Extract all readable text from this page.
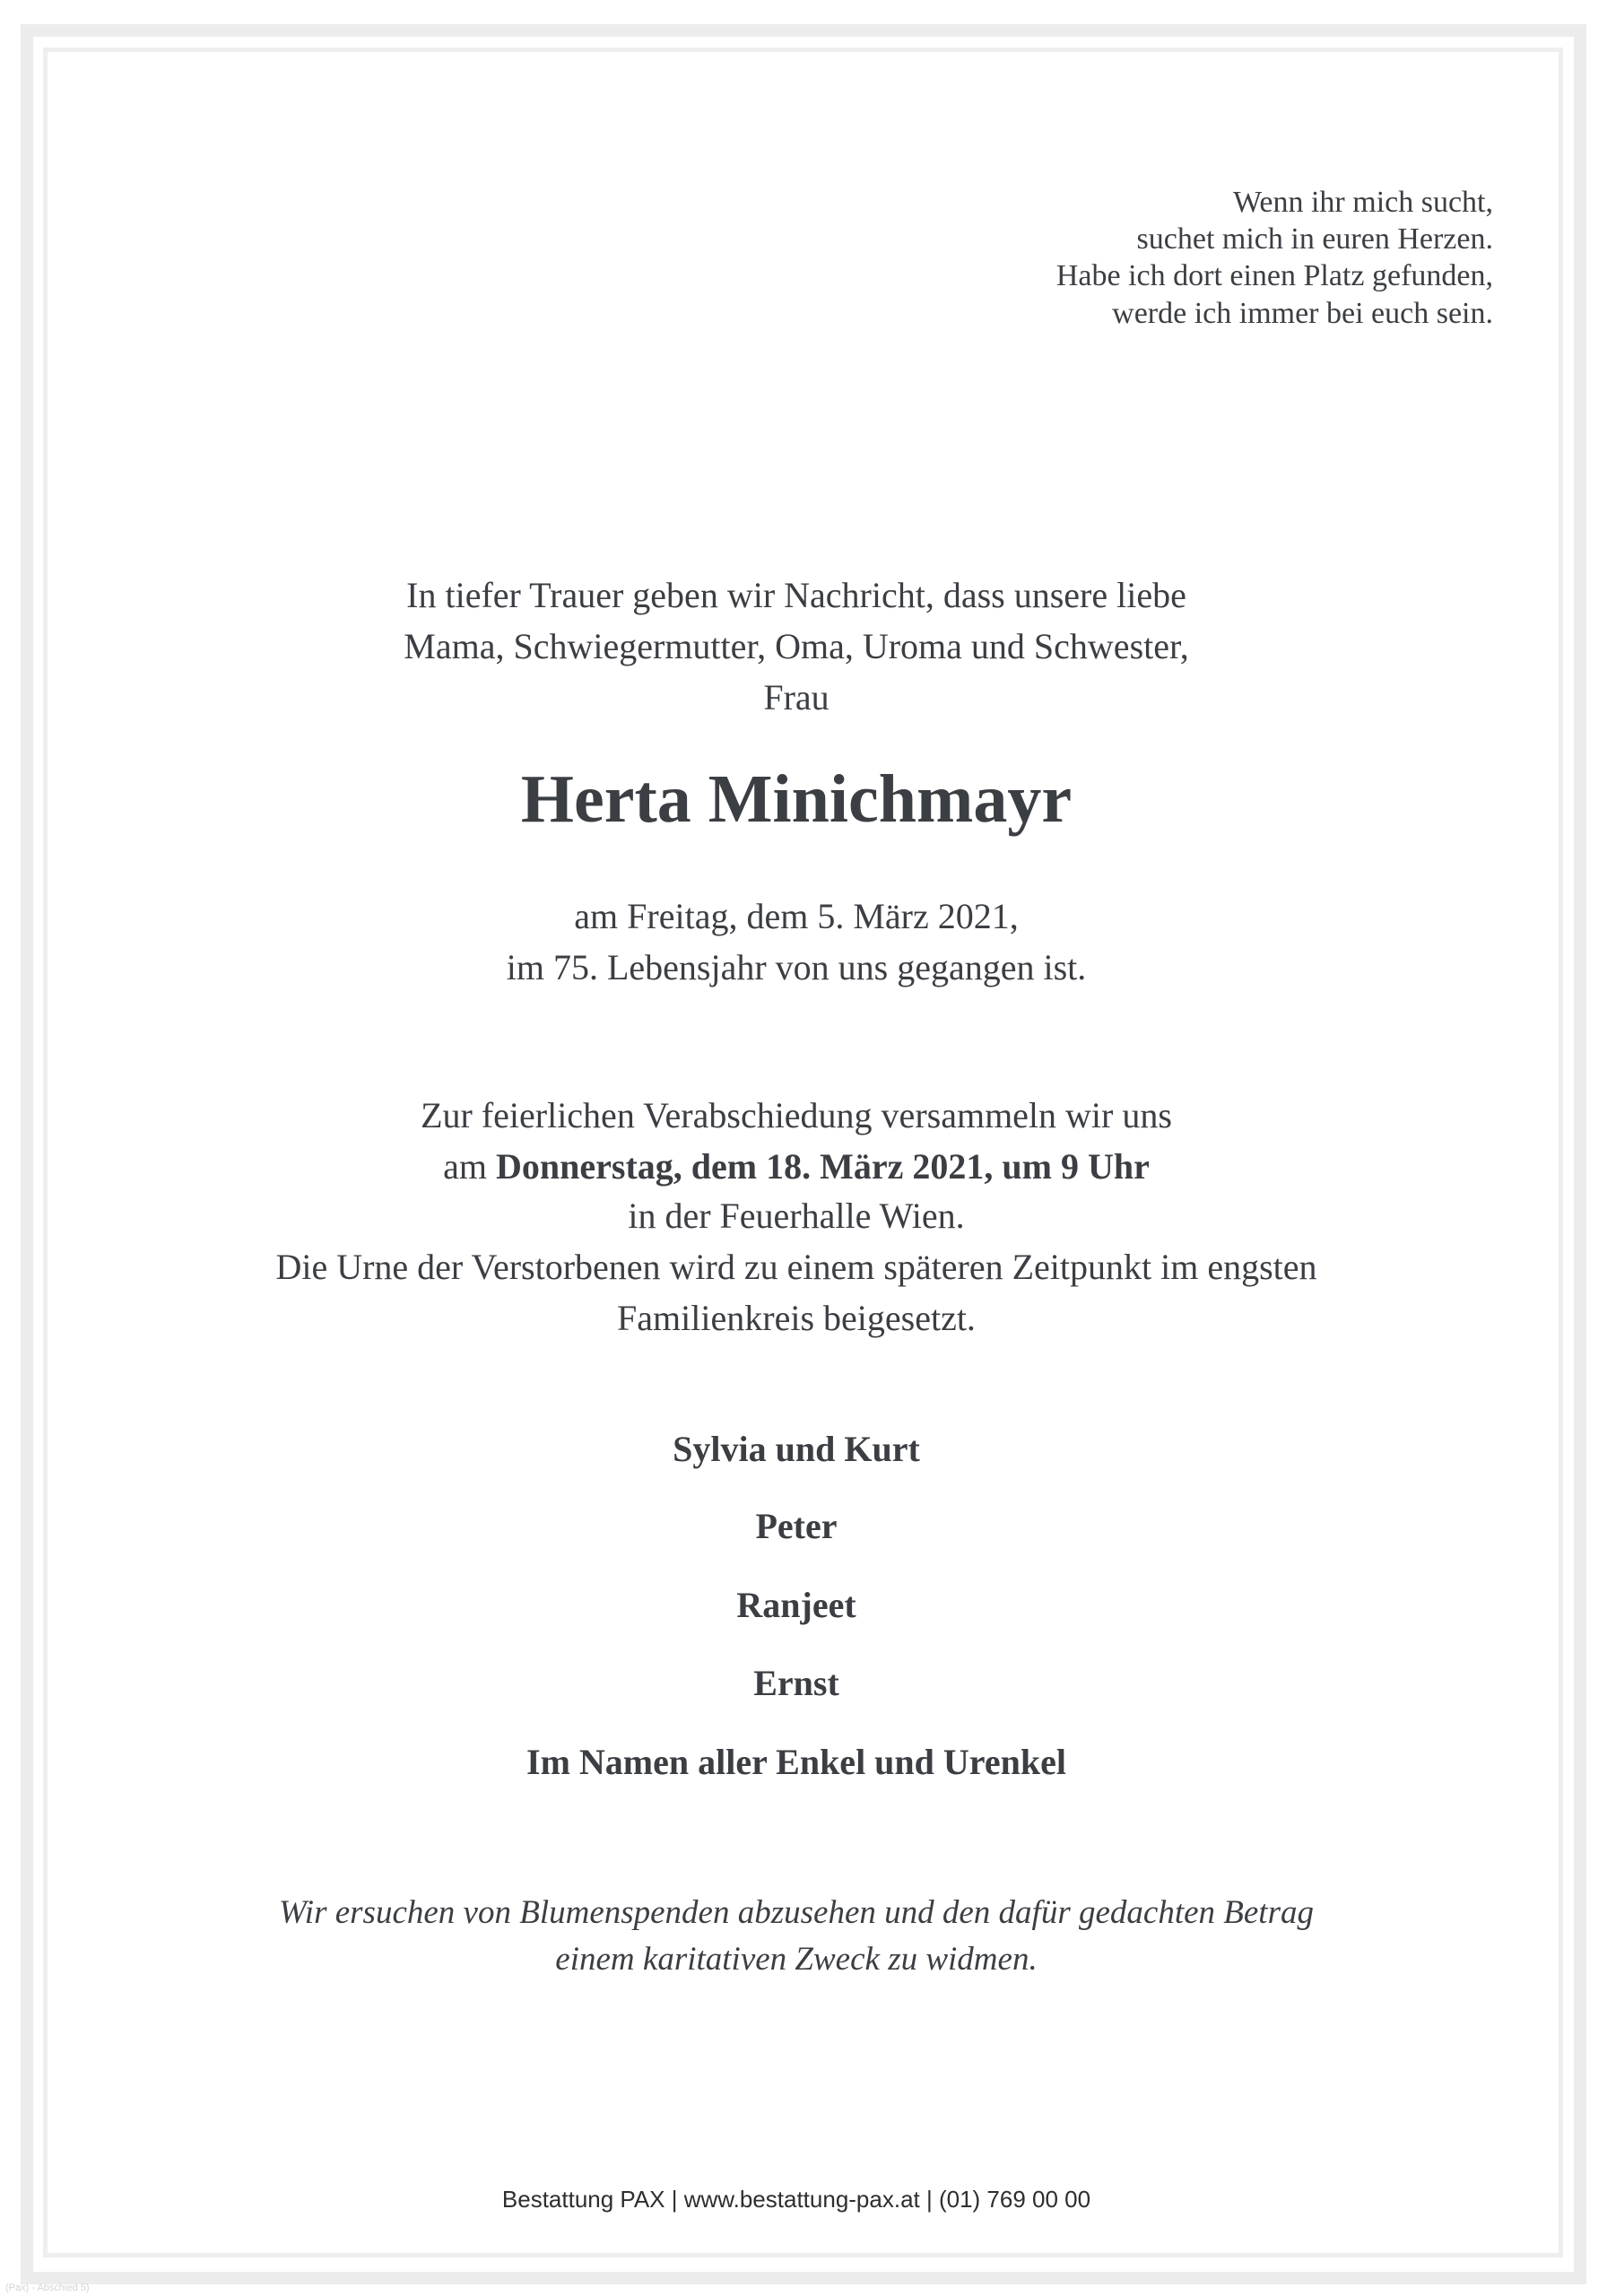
Wenn ihr mich sucht,
suchet mich in euren Herzen.
Habe ich dort einen Platz gefunden,
werde ich immer bei euch sein.
In tiefer Trauer geben wir Nachricht, dass unsere liebe
Mama, Schwiegermutter, Oma, Uroma und Schwester,
Frau
Herta Minichmayr
am Freitag, dem 5. März 2021,
im 75. Lebensjahr von uns gegangen ist.
Zur feierlichen Verabschiedung versammeln wir uns
am Donnerstag, dem 18. März 2021, um 9 Uhr
in der Feuerhalle Wien.
Die Urne der Verstorbenen wird zu einem späteren Zeitpunkt im engsten
Familienkreis beigesetzt.
Sylvia und Kurt
Peter
Ranjeet
Ernst
Im Namen aller Enkel und Urenkel
Wir ersuchen von Blumenspenden abzusehen und den dafür gedachten Betrag
einem karitativen Zweck zu widmen.
Bestattung PAX | www.bestattung-pax.at | (01) 769 00 00
(Pax) - Abschied 5)
